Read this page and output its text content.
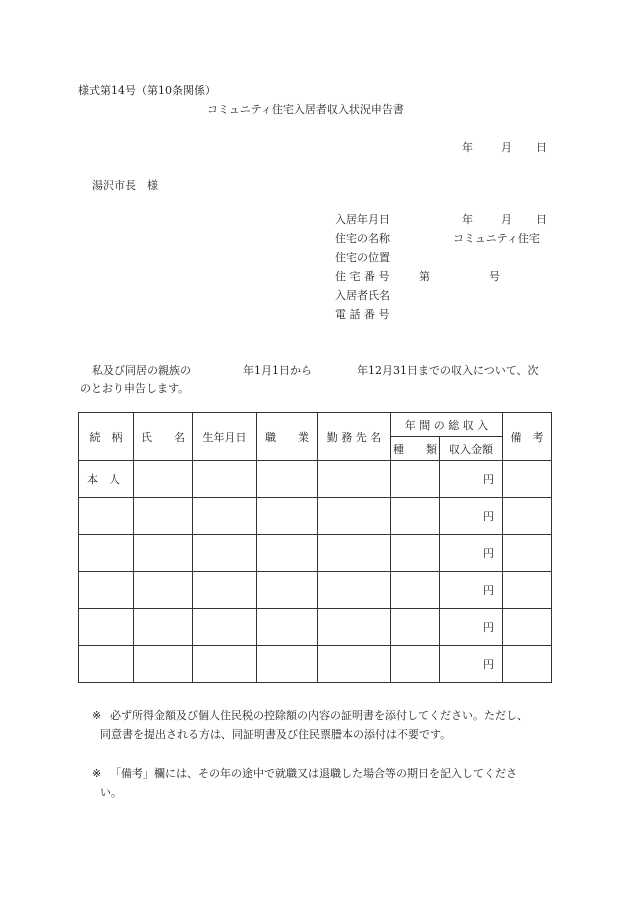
様式第14号（第10条関係）
コミュニティ住宅入居者収入状況申告書
年	月 日
湯沢市長　様
入居年月日	年	月 日
住宅の名称	コミュニティ住宅
住宅の位置
住 宅 番 号	第	号
入居者氏名
電 話 番 号
私及び同居の親族の	年1月1日から	年12月31日までの収入について、次
のとおり申告します。
続　柄	氏　　名	生年月日	職　　業	勤 務 先 名	年 間 の 総 収 入		備　考
					種　　類	収入金額	
本　人						円	
						円	
						円	
						円	
						円	
						円	
※ 必ず所得金額及び個人住民税の控除額の内容の証明書を添付してください。ただし、
同意書を提出される方は、同証明書及び住民票謄本の添付は不要です。
※ 「備考」欄には、その年の途中で就職又は退職した場合等の期日を記入してくださ
い。
